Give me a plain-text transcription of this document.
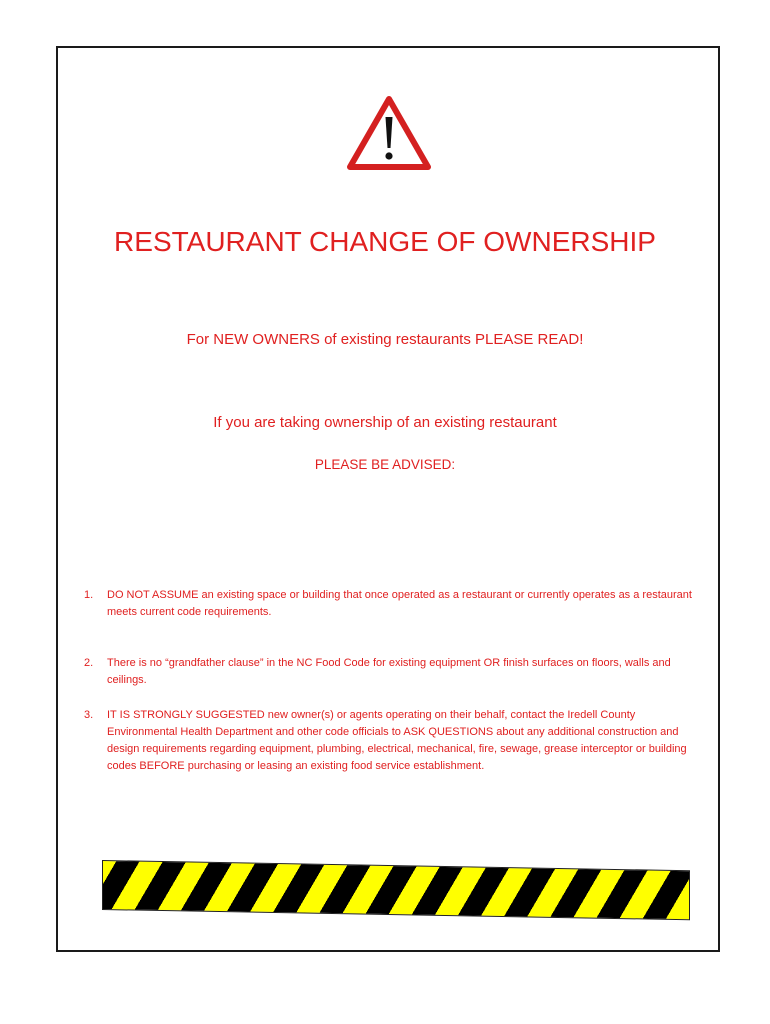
RESTAURANT CHANGE OF OWNERSHIP
For NEW OWNERS of existing restaurants PLEASE READ!
If you are taking ownership of an existing restaurant
PLEASE BE ADVISED:
1. DO NOT ASSUME an existing space or building that once operated as a restaurant or currently operates as a restaurant meets current code requirements.
2. There is no “grandfather clause” in the NC Food Code for existing equipment OR finish surfaces on floors, walls and ceilings.
3. IT IS STRONGLY SUGGESTED new owner(s) or agents operating on their behalf, contact the Iredell County Environmental Health Department and other code officials to ASK QUESTIONS about any additional construction and design requirements regarding equipment, plumbing, electrical, mechanical, fire, sewage, grease interceptor or building codes BEFORE purchasing or leasing an existing food service establishment.
